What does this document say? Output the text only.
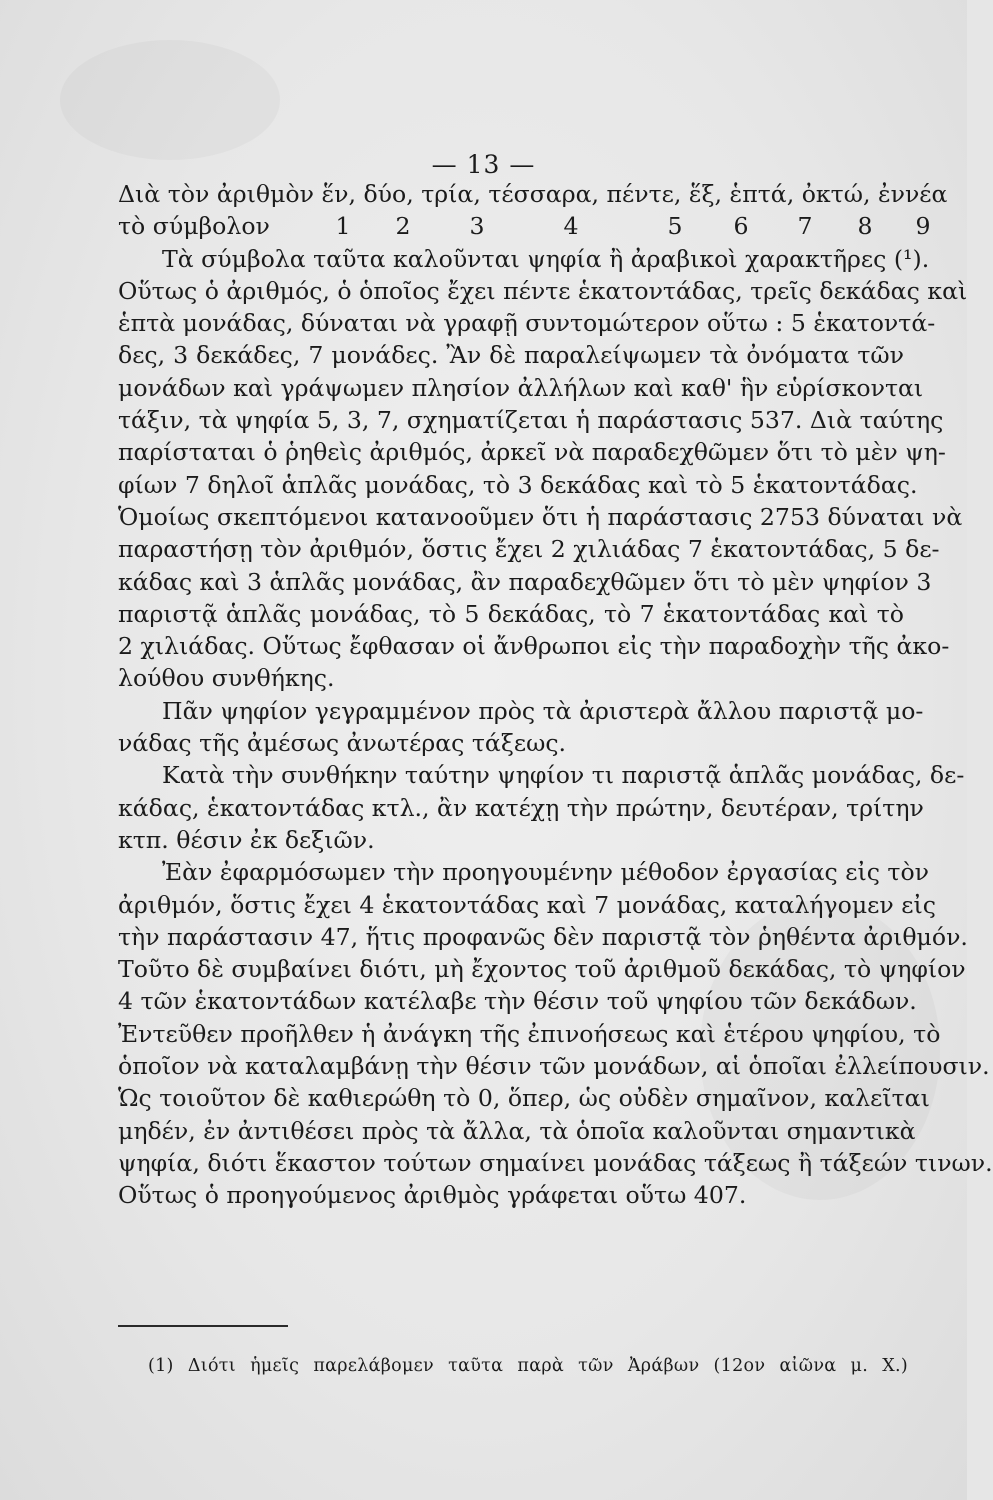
— 13 —
Διὰ τὸν ἀριθμὸν ἕν, δύο, τρία, τέσσαρα, πέντε, ἕξ, ἑπτά, ὀκτώ, ἐννέα
τὸ σύμβολον	1	2	3	4	5	6	7	8	9
Τὰ σύμβολα ταῦτα καλοῦνται ψηφία ἢ ἀραβικοὶ χαρακτῆρες (¹).
Οὕτως ὁ ἀριθμός, ὁ ὁποῖος ἔχει πέντε ἑκατοντάδας, τρεῖς δεκάδας καὶ
ἑπτὰ μονάδας, δύναται νὰ γραφῇ συντομώτερον οὕτω : 5 ἑκατοντά-
δες, 3 δεκάδες, 7 μονάδες. Ἂν δὲ παραλείψωμεν τὰ ὀνόματα τῶν
μονάδων καὶ γράψωμεν πλησίον ἀλλήλων καὶ καθ' ἣν εὑρίσκονται
τάξιν, τὰ ψηφία 5, 3, 7, σχηματίζεται ἡ παράστασις 537. Διὰ ταύτης
παρίσταται ὁ ῥηθεὶς ἀριθμός, ἀρκεῖ νὰ παραδεχθῶμεν ὅτι τὸ μὲν ψη-
φίων 7 δηλοῖ ἁπλᾶς μονάδας, τὸ 3 δεκάδας καὶ τὸ 5 ἑκατοντάδας.
Ὁμοίως σκεπτόμενοι κατανοοῦμεν ὅτι ἡ παράστασις 2753 δύναται νὰ
παραστήσῃ τὸν ἀριθμόν, ὅστις ἔχει 2 χιλιάδας 7 ἑκατοντάδας, 5 δε-
κάδας καὶ 3 ἁπλᾶς μονάδας, ἂν παραδεχθῶμεν ὅτι τὸ μὲν ψηφίον 3
παριστᾷ ἁπλᾶς μονάδας, τὸ 5 δεκάδας, τὸ 7 ἑκατοντάδας καὶ τὸ
2 χιλιάδας. Οὕτως ἔφθασαν οἱ ἄνθρωποι εἰς τὴν παραδοχὴν τῆς ἀκο-
λούθου συνθήκης.
Πᾶν ψηφίον γεγραμμένον πρὸς τὰ ἀριστερὰ ἄλλου παριστᾷ μο-
νάδας τῆς ἀμέσως ἀνωτέρας τάξεως.
Κατὰ τὴν συνθήκην ταύτην ψηφίον τι παριστᾷ ἁπλᾶς μονάδας, δε-
κάδας, ἑκατοντάδας κτλ., ἂν κατέχῃ τὴν πρώτην, δευτέραν, τρίτην
κτπ. θέσιν ἐκ δεξιῶν.
Ἐὰν ἐφαρμόσωμεν τὴν προηγουμένην μέθοδον ἐργασίας εἰς τὸν
ἀριθμόν, ὅστις ἔχει 4 ἑκατοντάδας καὶ 7 μονάδας, καταλήγομεν εἰς
τὴν παράστασιν 47, ἥτις προφανῶς δὲν παριστᾷ τὸν ῥηθέντα ἀριθμόν.
Τοῦτο δὲ συμβαίνει διότι, μὴ ἔχοντος τοῦ ἀριθμοῦ δεκάδας, τὸ ψηφίον
4 τῶν ἑκατοντάδων κατέλαβε τὴν θέσιν τοῦ ψηφίου τῶν δεκάδων.
Ἐντεῦθεν προῆλθεν ἡ ἀνάγκη τῆς ἐπινοήσεως καὶ ἑτέρου ψηφίου, τὸ
ὁποῖον νὰ καταλαμβάνῃ τὴν θέσιν τῶν μονάδων, αἱ ὁποῖαι ἐλλείπουσιν.
Ὡς τοιοῦτον δὲ καθιερώθη τὸ 0, ὅπερ, ὡς οὐδὲν σημαῖνον, καλεῖται
μηδέν, ἐν ἀντιθέσει πρὸς τὰ ἄλλα, τὰ ὁποῖα καλοῦνται σημαντικὰ
ψηφία, διότι ἕκαστον τούτων σημαίνει μονάδας τάξεως ἢ τάξεών τινων.
Οὕτως ὁ προηγούμενος ἀριθμὸς γράφεται οὕτω 407.
(1) Διότι ἡμεῖς παρελάβομεν ταῦτα παρὰ τῶν Ἀράβων (12ον αἰῶνα μ. Χ.)
